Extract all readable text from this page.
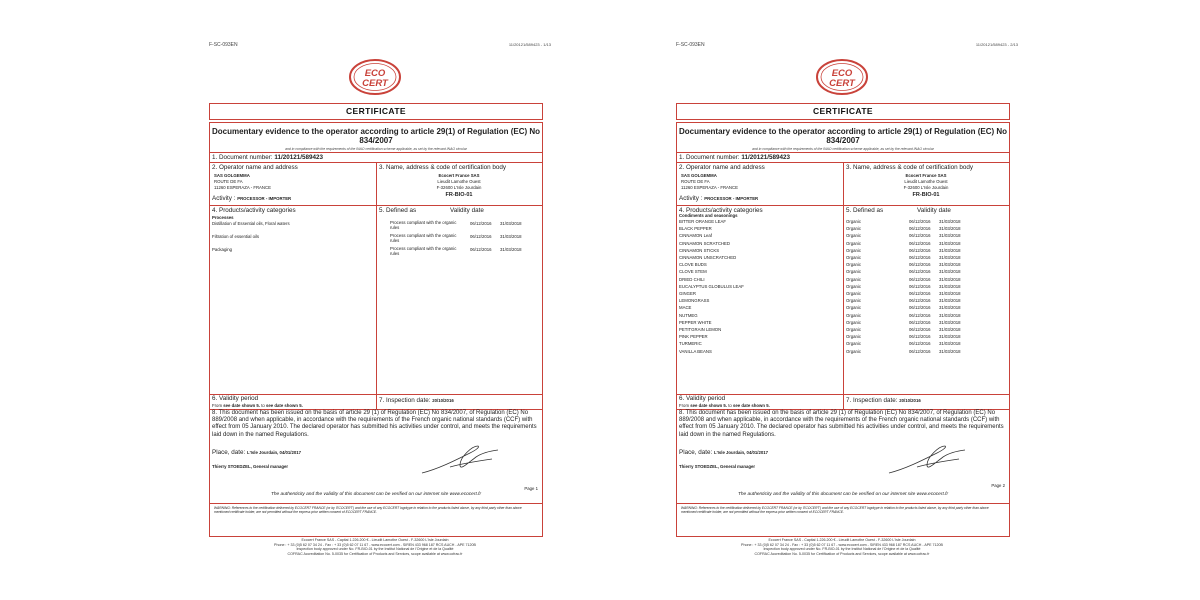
F-SC-093EN	11/20121/589423 - 1/13
ECO
CERT
CERTIFICATE
Documentary evidence to the operator according to article 29(1) of Regulation (EC) No 834/2007
and in compliance with the requirements of the INAO certification scheme applicable, as set by the relevant INAO circular
1. Document number: 11/20121/589423
2. Operator name and address
SAS GOLGEMMA
ROUTE DE FA
11260 ESPERAZA - FRANCE
Activity : PROCESSOR - IMPORTER
3. Name, address & code of certification body
Ecocert France SAS
Lieudit Lamothe Ouest
F-32600 L'Isle Jourdain
FR-BIO-01
4. Products/activity categories	5. Defined as	Validity date
Processes
Distillation of Essential oils, Floral waters	Process compliant with the organic rules
06/12/2016 31/03/2018
Filtration of essential oils	Process compliant with the organic rules
06/12/2016 31/03/2018
Packaging	Process compliant with the organic rules
06/12/2016 31/03/2018
6. Validity period
From see date shown 5. to see date shown 5.
7. Inspection date: 20/10/2016
8. This document has been issued on the basis of article 29 (1) of Regulation (EC) No 834/2007, of Regulation (EC) No 889/2008 and when applicable, in accordance with the requirements of the French organic national standards (CCF) with effect from 05 January 2010. The declared operator has submitted his activities under control, and meets the requirements laid down in the named Regulations.
Place, date: L'Isle Jourdain, 04/01/2017
Thierry STOEDZEL, General manager
Page 1
The authenticity and the validity of this document can be verified on our internet site www.ecocert.fr
WARNING: References to the certification delivered by ECOCERT FRANCE (or by 'ECOCERT') and the use of any ECOCERT logotype in relation to the products listed above, by any third party other than above mentioned certificate holder, are not permitted without the express prior written consent of ECOCERT FRANCE.
Ecocert France SAS - Capital 1.226.200 € - Lieudit Lamothe Ouest - F-32600 L'Isle Jourdain
Phone : + 33 (0)5 62 07 34 24 - Fax : + 33 (0)5 62 07 11 67 - www.ecocert.com - SIREN 433 968 187 RCS AUCH - APE 7120B
Inspection body approved under No. FR-BIO-01 by the Institut National de l'Origine et de la Qualité
COFRAC Accreditation No. 5-0035 for Certification of Products and Services, scope available at www.cofrac.fr
F-SC-093EN	11/20121/589423 - 2/13
ECO
CERT
CERTIFICATE
Documentary evidence to the operator according to article 29(1) of Regulation (EC) No 834/2007
and in compliance with the requirements of the INAO certification scheme applicable, as set by the relevant INAO circular
1. Document number: 11/20121/589423
2. Operator name and address
SAS GOLGEMMA
ROUTE DE FA
11260 ESPERAZA - FRANCE
Activity : PROCESSOR - IMPORTER
3. Name, address & code of certification body
Ecocert France SAS
Lieudit Lamothe Ouest
F-32600 L'Isle Jourdain
FR-BIO-01
4. Products/activity categories	5. Defined as	Validity date
Condiments and seasonings
BITTER ORANGE LEAF	Organic	06/12/2016 31/03/2018
BLACK PEPPER	Organic	06/12/2016 31/03/2018
CINNAMON Leaf	Organic	06/12/2016 31/03/2018
CINNAMON SCRATCHED	Organic	06/12/2016 31/03/2018
CINNAMON STICKS	Organic	06/12/2016 31/03/2018
CINNAMON UNSCRATCHED	Organic	06/12/2016 31/03/2018
CLOVE BUDS	Organic	06/12/2016 31/03/2018
CLOVE STEM	Organic	06/12/2016 31/03/2018
DRIED CHILI	Organic	06/12/2016 31/03/2018
EUCALYPTUS GLOBULUS LEAF	Organic	06/12/2016 31/03/2018
GINGER	Organic	06/12/2016 31/03/2018
LEMONGRASS	Organic	06/12/2016 31/03/2018
MACE	Organic	06/12/2016 31/03/2018
NUTMEG	Organic	06/12/2016 31/03/2018
PEPPER WHITE	Organic	06/12/2016 31/03/2018
PETITGRAIN LEMON	Organic	06/12/2016 31/03/2018
PINK PEPPER	Organic	06/12/2016 31/03/2018
TURMERIC	Organic	06/12/2016 31/03/2018
VANILLA BEANS	Organic	06/12/2016 31/03/2018
6. Validity period
From see date shown 5. to see date shown 5.
7. Inspection date: 20/10/2016
8. This document has been issued on the basis of article 29 (1) of Regulation (EC) No 834/2007, of Regulation (EC) No 889/2008 and when applicable, in accordance with the requirements of the French organic national standards (CCF) with effect from 05 January 2010. The declared operator has submitted his activities under control, and meets the requirements laid down in the named Regulations.
Place, date: L'Isle Jourdain, 04/01/2017
Thierry STOEDZEL, General manager
Page 2
The authenticity and the validity of this document can be verified on our internet site www.ecocert.fr
WARNING: References to the certification delivered by ECOCERT FRANCE (or by 'ECOCERT') and the use of any ECOCERT logotype in relation to the products listed above, by any third party other than above mentioned certificate holder, are not permitted without the express prior written consent of ECOCERT FRANCE.
Ecocert France SAS - Capital 1.226.200 € - Lieudit Lamothe Ouest - F-32600 L'Isle Jourdain
Phone : + 33 (0)5 62 07 34 24 - Fax : + 33 (0)5 62 07 11 67 - www.ecocert.com - SIREN 433 968 187 RCS AUCH - APE 7120B
Inspection body approved under No. FR-BIO-01 by the Institut National de l'Origine et de la Qualité
COFRAC Accreditation No. 5-0035 for Certification of Products and Services, scope available at www.cofrac.fr
